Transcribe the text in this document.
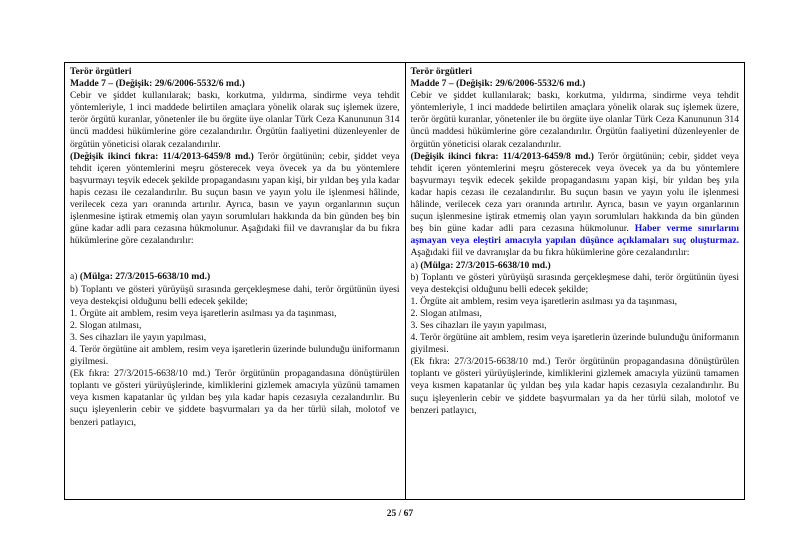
Terör örgütleri

Madde 7 – (Değişik: 29/6/2006-5532/6 md.)

Cebir ve şiddet kullanılarak; baskı, korkutma, yıldırma, sindirme veya tehdit yöntemleriyle, 1 inci maddede belirtilen amaçlara yönelik olarak suç işlemek üzere, terör örgütü kuranlar, yönetenler ile bu örgüte üye olanlar Türk Ceza Kanununun 314 üncü maddesi hükümlerine göre cezalandırılır. Örgütün faaliyetini düzenleyenler de örgütün yöneticisi olarak cezalandırılır.

(Değişik ikinci fıkra: 11/4/2013-6459/8 md.) Terör örgütünün; cebir, şiddet veya tehdit içeren yöntemlerini meşru gösterecek veya övecek ya da bu yöntemlere başvurmayı teşvik edecek şekilde propagandasını yapan kişi, bir yıldan beş yıla kadar hapis cezası ile cezalandırılır. Bu suçun basın ve yayın yolu ile işlenmesi hâlinde, verilecek ceza yarı oranında artırılır. Ayrıca, basın ve yayın organlarının suçun işlenmesine iştirak etmemiş olan yayın sorumluları hakkında da bin günden beş bin güne kadar adli para cezasına hükmolunur. Aşağıdaki fiil ve davranışlar da bu fıkra hükümlerine göre cezalandırılır:

a) (Mülga: 27/3/2015-6638/10 md.)

b) Toplantı ve gösteri yürüyüşü sırasında gerçekleşmese dahi, terör örgütünün üyesi veya destekçisi olduğunu belli edecek şekilde;

1. Örgüte ait amblem, resim veya işaretlerin asılması ya da taşınması,

2. Slogan atılması,

3. Ses cihazları ile yayın yapılması,

4. Terör örgütüne ait amblem, resim veya işaretlerin üzerinde bulunduğu üniformanın giyilmesi.

(Ek fıkra: 27/3/2015-6638/10 md.) Terör örgütünün propagandasına dönüştürülen toplantı ve gösteri yürüyüşlerinde, kimliklerini gizlemek amacıyla yüzünü tamamen veya kısmen kapatanlar üç yıldan beş yıla kadar hapis cezasıyla cezalandırılır. Bu suçu işleyenlerin cebir ve şiddete başvurmaları ya da her türlü silah, molotof ve benzeri patlayıcı,

Terör örgütleri

Madde 7 – (Değişik: 29/6/2006-5532/6 md.)

Cebir ve şiddet kullanılarak; baskı, korkutma, yıldırma, sindirme veya tehdit yöntemleriyle, 1 inci maddede belirtilen amaçlara yönelik olarak suç işlemek üzere, terör örgütü kuranlar, yönetenler ile bu örgüte üye olanlar Türk Ceza Kanununun 314 üncü maddesi hükümlerine göre cezalandırılır. Örgütün faaliyetini düzenleyenler de örgütün yöneticisi olarak cezalandırılır.

(Değişik ikinci fıkra: 11/4/2013-6459/8 md.) Terör örgütünün; cebir, şiddet veya tehdit içeren yöntemlerini meşru gösterecek veya övecek ya da bu yöntemlere başvurmayı teşvik edecek şekilde propagandasını yapan kişi, bir yıldan beş yıla kadar hapis cezası ile cezalandırılır. Bu suçun basın ve yayın yolu ile işlenmesi hâlinde, verilecek ceza yarı oranında artırılır. Ayrıca, basın ve yayın organlarının suçun işlenmesine iştirak etmemiş olan yayın sorumluları hakkında da bin günden beş bin güne kadar adli para cezasına hükmolunur. Haber verme sınırlarını aşmayan veya eleştiri amacıyla yapılan düşünce açıklamaları suç oluşturmaz. Aşağıdaki fiil ve davranışlar da bu fıkra hükümlerine göre cezalandırılır:

a) (Mülga: 27/3/2015-6638/10 md.)

b) Toplantı ve gösteri yürüyüşü sırasında gerçekleşmese dahi, terör örgütünün üyesi veya destekçisi olduğunu belli edecek şekilde;

1. Örgüte ait amblem, resim veya işaretlerin asılması ya da taşınması,

2. Slogan atılması,

3. Ses cihazları ile yayın yapılması,

4. Terör örgütüne ait amblem, resim veya işaretlerin üzerinde bulunduğu üniformanın giyilmesi.

(Ek fıkra: 27/3/2015-6638/10 md.) Terör örgütünün propagandasına dönüştürülen toplantı ve gösteri yürüyüşlerinde, kimliklerini gizlemek amacıyla yüzünü tamamen veya kısmen kapatanlar üç yıldan beş yıla kadar hapis cezasıyla cezalandırılır. Bu suçu işleyenlerin cebir ve şiddete başvurmaları ya da her türlü silah, molotof ve benzeri patlayıcı,

25 / 67
